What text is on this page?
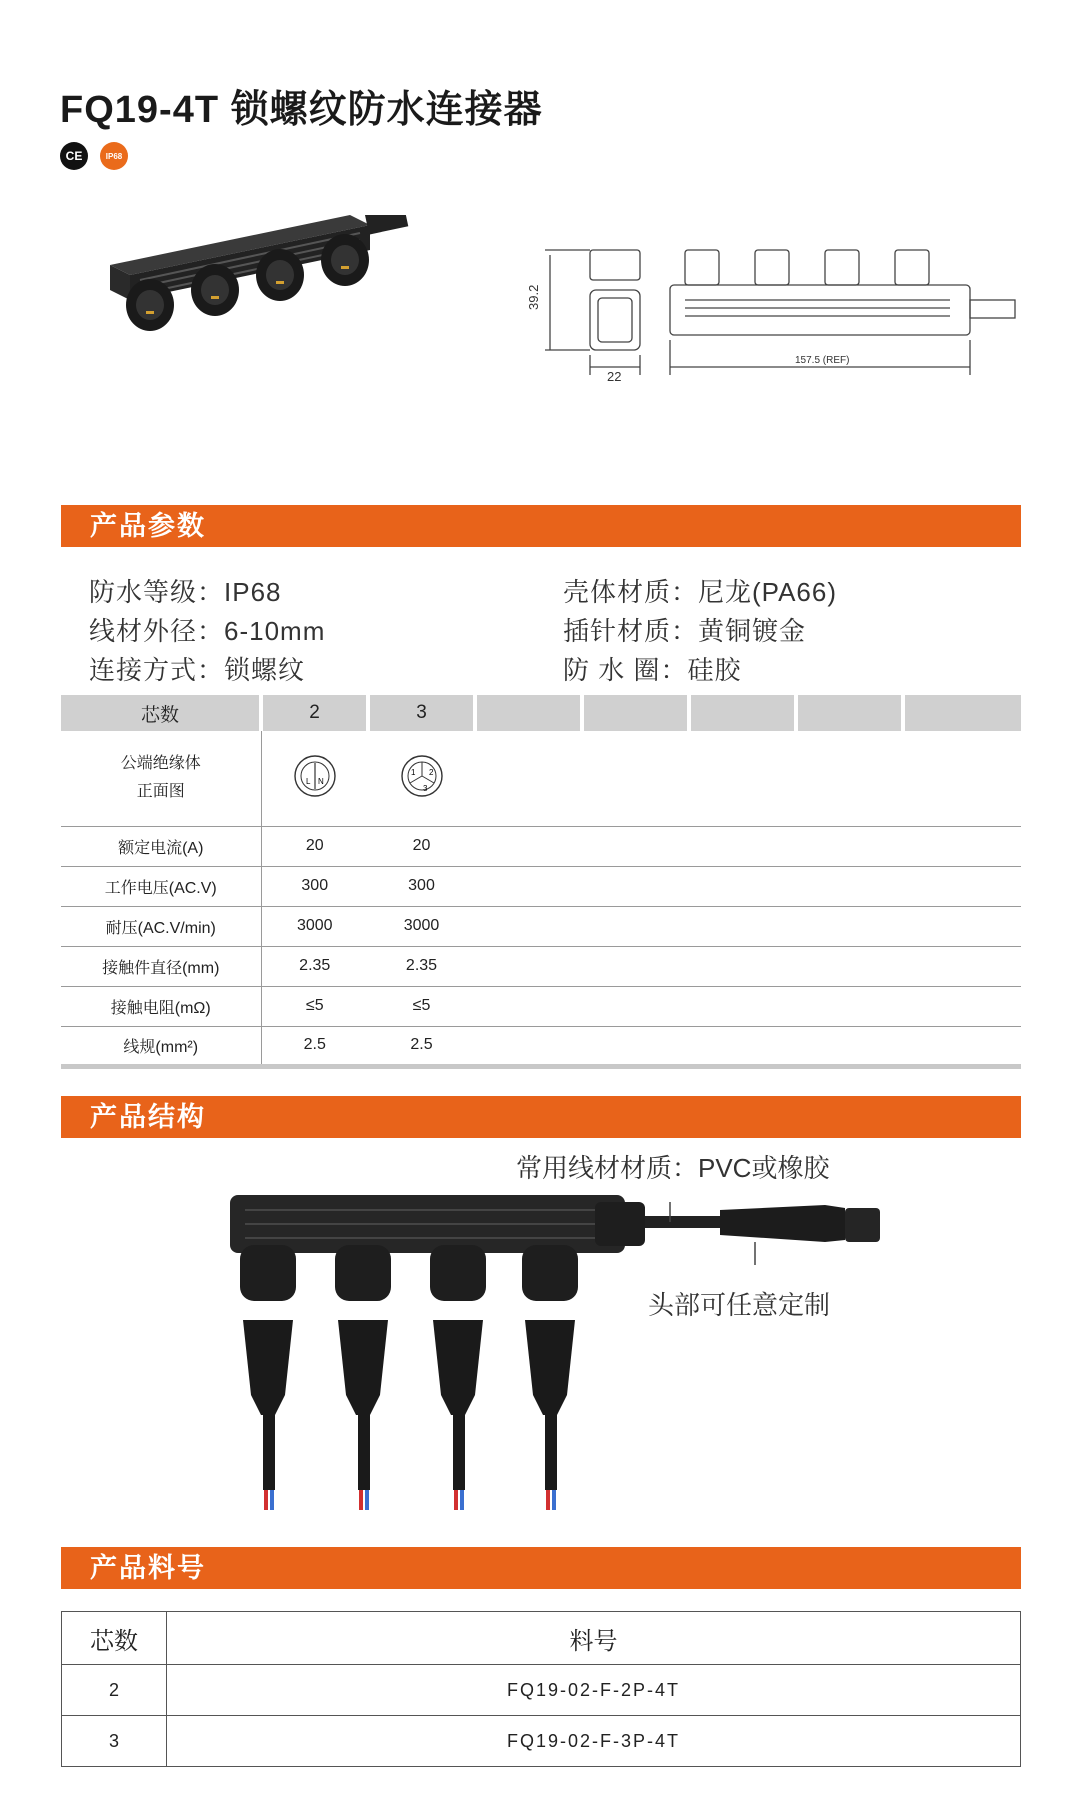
FQ19-4T 锁螺纹防水连接器
CE	IP68
39.2
22
157.5 (REF)
产品参数
防水等级：IP68
线材外径：6-10mm
连接方式：锁螺纹
壳体材质：尼龙(PA66)
插针材质：黄铜镀金
防 水 圈：硅胶
芯数	2	3					
公端绝缘体
正面图	L N	1 2
3					

额定电流(A)	20	20					
工作电压(AC.V)	300	300					
耐压(AC.V/min)	3000	3000					
接触件直径(mm)	2.35	2.35					
接触电阻(mΩ)	≤5	≤5					
线规(mm²)	2.5	2.5					
产品结构
常用线材材质：PVC或橡胶
头部可任意定制
产品料号
芯数	料号
2	FQ19-02-F-2P-4T
3	FQ19-02-F-3P-4T
